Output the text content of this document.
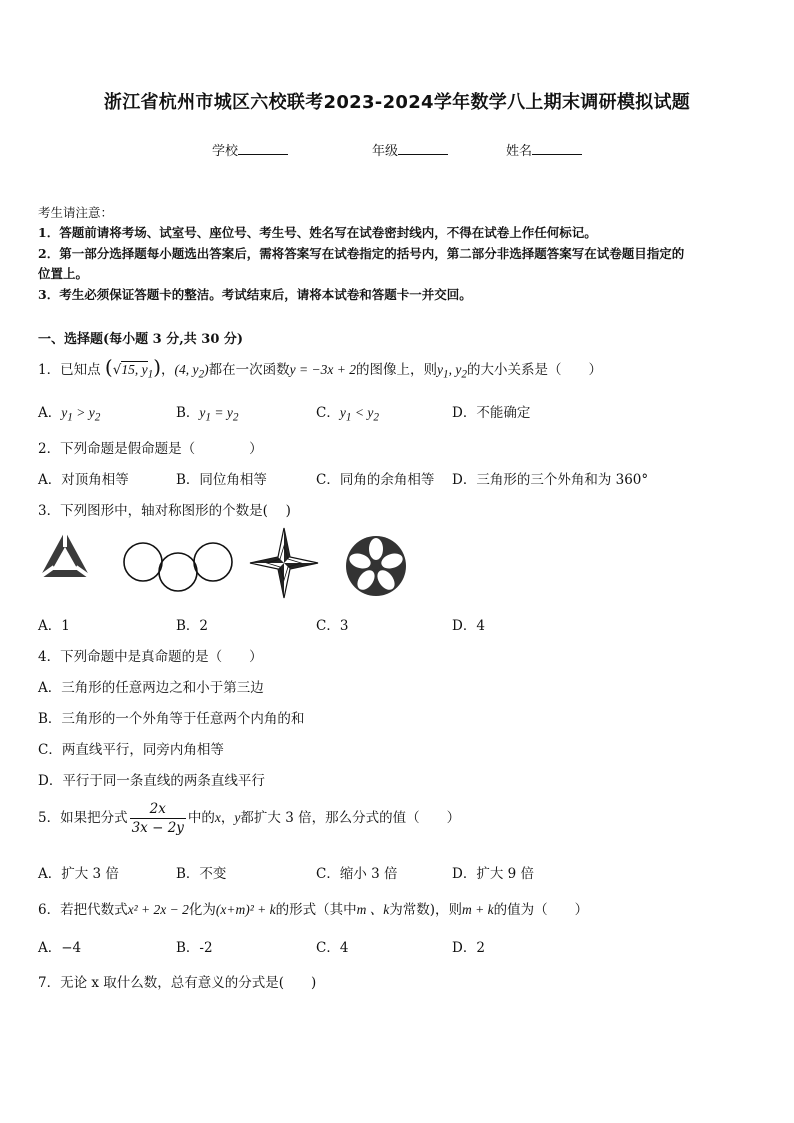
浙江省杭州市城区六校联考2023-2024学年数学八上期末调研模拟试题
学校	年级	姓名
考生请注意：
1．答题前请将考场、试室号、座位号、考生号、姓名写在试卷密封线内，不得在试卷上作任何标记。
2．第一部分选择题每小题选出答案后，需将答案写在试卷指定的括号内，第二部分非选择题答案写在试卷题目指定的
位置上。
3．考生必须保证答题卡的整洁。考试结束后，请将本试卷和答题卡一并交回。
一、选择题(每小题 3 分,共 30 分)
1．已知点 (√15, $y_1$)，(4, $y_2$)都在一次函数y = −3x + 2的图像上，则$y_1$, $y_2$的大小关系是（　　）
A．$y_1 > y_2$	B．$y_1 = y_2$	C．$y_1 < y_2$	D．不能确定
2．下列命题是假命题是（　　　　）
A．对顶角相等	B．同位角相等	C．同角的余角相等 D．三角形的三个外角和为 360°
3．下列图形中，轴对称图形的个数是(　 )
A．1	B．2	C．3	D．4
4．下列命题中是真命题的是（　　）
A．三角形的任意两边之和小于第三边
B．三角形的一个外角等于任意两个内角的和
C．两直线平行，同旁内角相等
D．平行于同一条直线的两条直线平行
5．如果把分式 $\frac{2x}{3x - 2y}$ 中的x，y都扩大 3 倍，那么分式的值（　　）
A．扩大 3 倍	B．不变	C．缩小 3 倍	D．扩大 9 倍
6．若把代数式x² + 2x − 2化为(x+m)² + k的形式（其中m 、k为常数)，则m + k的值为（　　）
A．−4	B．-2	C．4	D．2
7．无论 x 取什么数，总有意义的分式是(　　)
